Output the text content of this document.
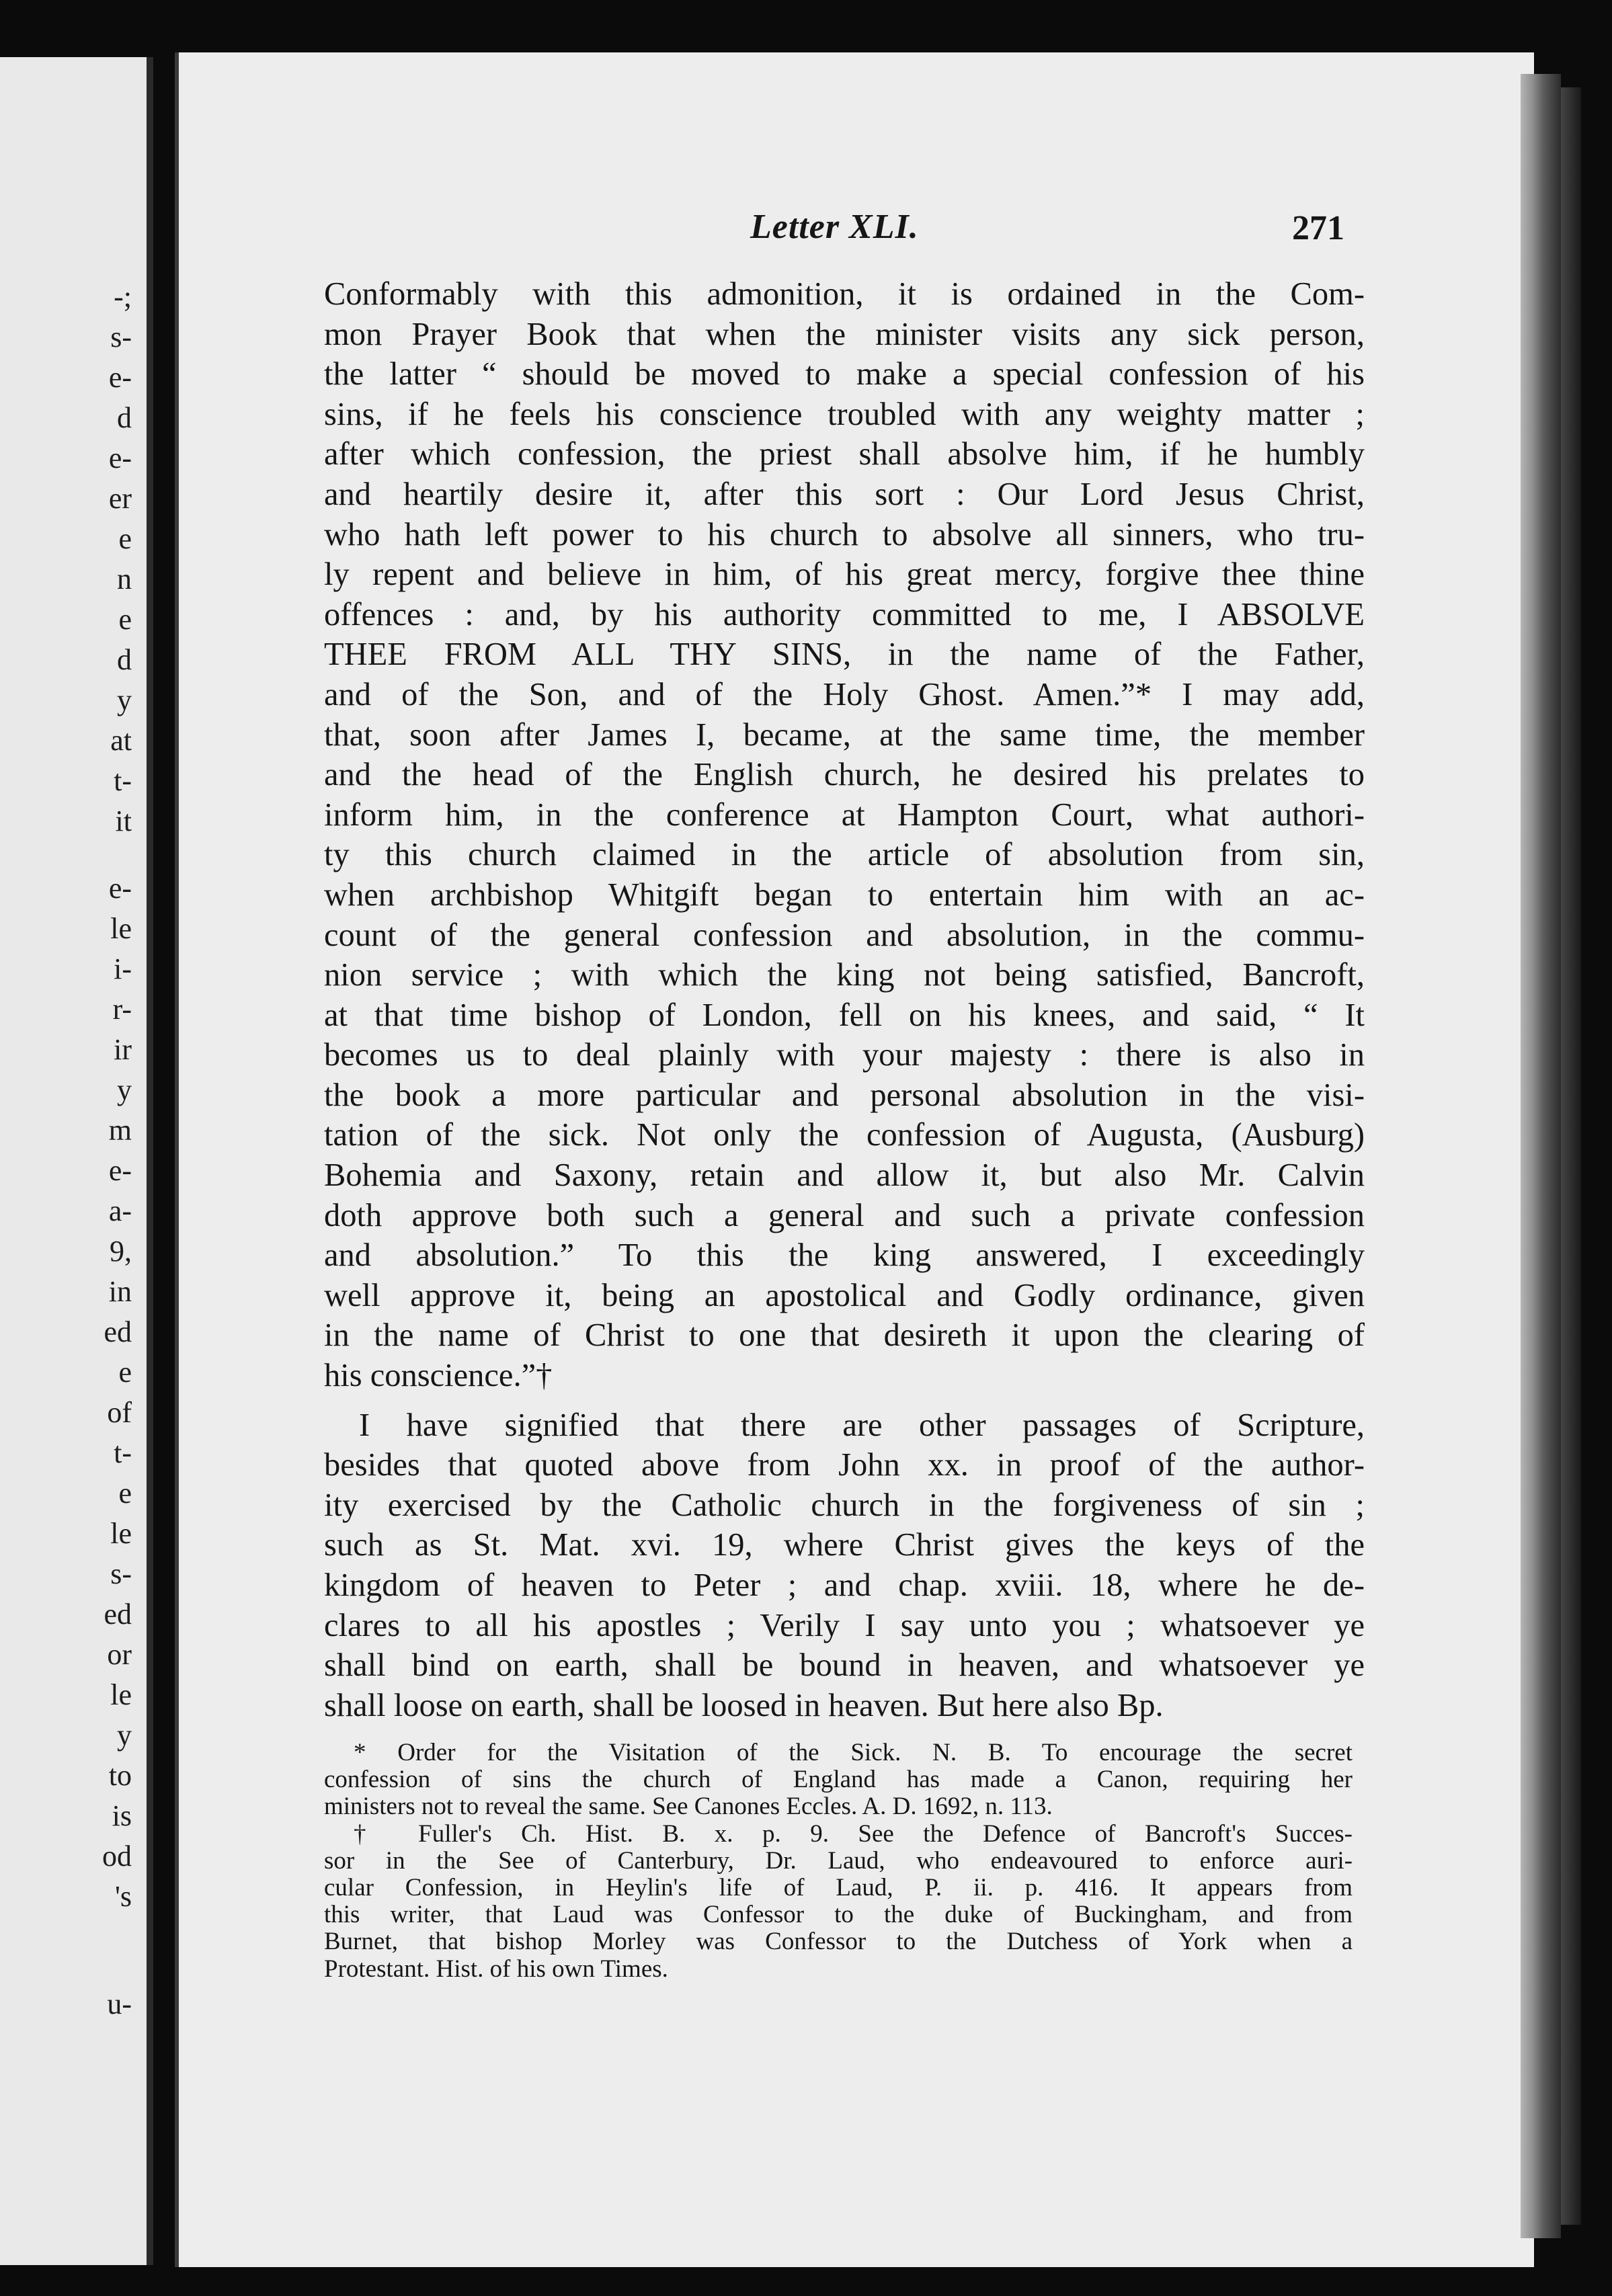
-;
s-
e-
d
e-
er
e
n
e
d
y
at
t-
it
e-
le
i-
r-
ir
y
m
e-
a-
9,
in
ed
e
of
t-
e
le
s-
ed
or
le
y
to
is
od
's
u-
Letter XLI.	271
Conformably with this admonition, it is ordained in the Com-
mon Prayer Book that when the minister visits any sick person,
the latter “ should be moved to make a special confession of his
sins, if he feels his conscience troubled with any weighty matter ;
after which confession, the priest shall absolve him, if he humbly
and heartily desire it, after this sort : Our Lord Jesus Christ,
who hath left power to his church to absolve all sinners, who tru-
ly repent and believe in him, of his great mercy, forgive thee thine
offences : and, by his authority committed to me, I ABSOLVE
THEE FROM ALL THY SINS, in the name of the Father,
and of the Son, and of the Holy Ghost. Amen.”* I may add,
that, soon after James I, became, at the same time, the member
and the head of the English church, he desired his prelates to
inform him, in the conference at Hampton Court, what authori-
ty this church claimed in the article of absolution from sin,
when archbishop Whitgift began to entertain him with an ac-
count of the general confession and absolution, in the commu-
nion service ; with which the king not being satisfied, Bancroft,
at that time bishop of London, fell on his knees, and said, “ It
becomes us to deal plainly with your majesty : there is also in
the book a more particular and personal absolution in the visi-
tation of the sick. Not only the confession of Augusta, (Ausburg)
Bohemia and Saxony, retain and allow it, but also Mr. Calvin
doth approve both such a general and such a private confession
and absolution.” To this the king answered, I exceedingly
well approve it, being an apostolical and Godly ordinance, given
in the name of Christ to one that desireth it upon the clearing of
his conscience.”†
I have signified that there are other passages of Scripture,
besides that quoted above from John xx. in proof of the author-
ity exercised by the Catholic church in the forgiveness of sin ;
such as St. Mat. xvi. 19, where Christ gives the keys of the
kingdom of heaven to Peter ; and chap. xviii. 18, where he de-
clares to all his apostles ; Verily I say unto you ; whatsoever ye
shall bind on earth, shall be bound in heaven, and whatsoever ye
shall loose on earth, shall be loosed in heaven. But here also Bp.
* Order for the Visitation of the Sick. N. B. To encourage the secret
confession of sins the church of England has made a Canon, requiring her
ministers not to reveal the same. See Canones Eccles. A. D. 1692, n. 113.
† Fuller's Ch. Hist. B. x. p. 9. See the Defence of Bancroft's Succes-
sor in the See of Canterbury, Dr. Laud, who endeavoured to enforce auri-
cular Confession, in Heylin's life of Laud, P. ii. p. 416. It appears from
this writer, that Laud was Confessor to the duke of Buckingham, and from
Burnet, that bishop Morley was Confessor to the Dutchess of York when a
Protestant. Hist. of his own Times.
